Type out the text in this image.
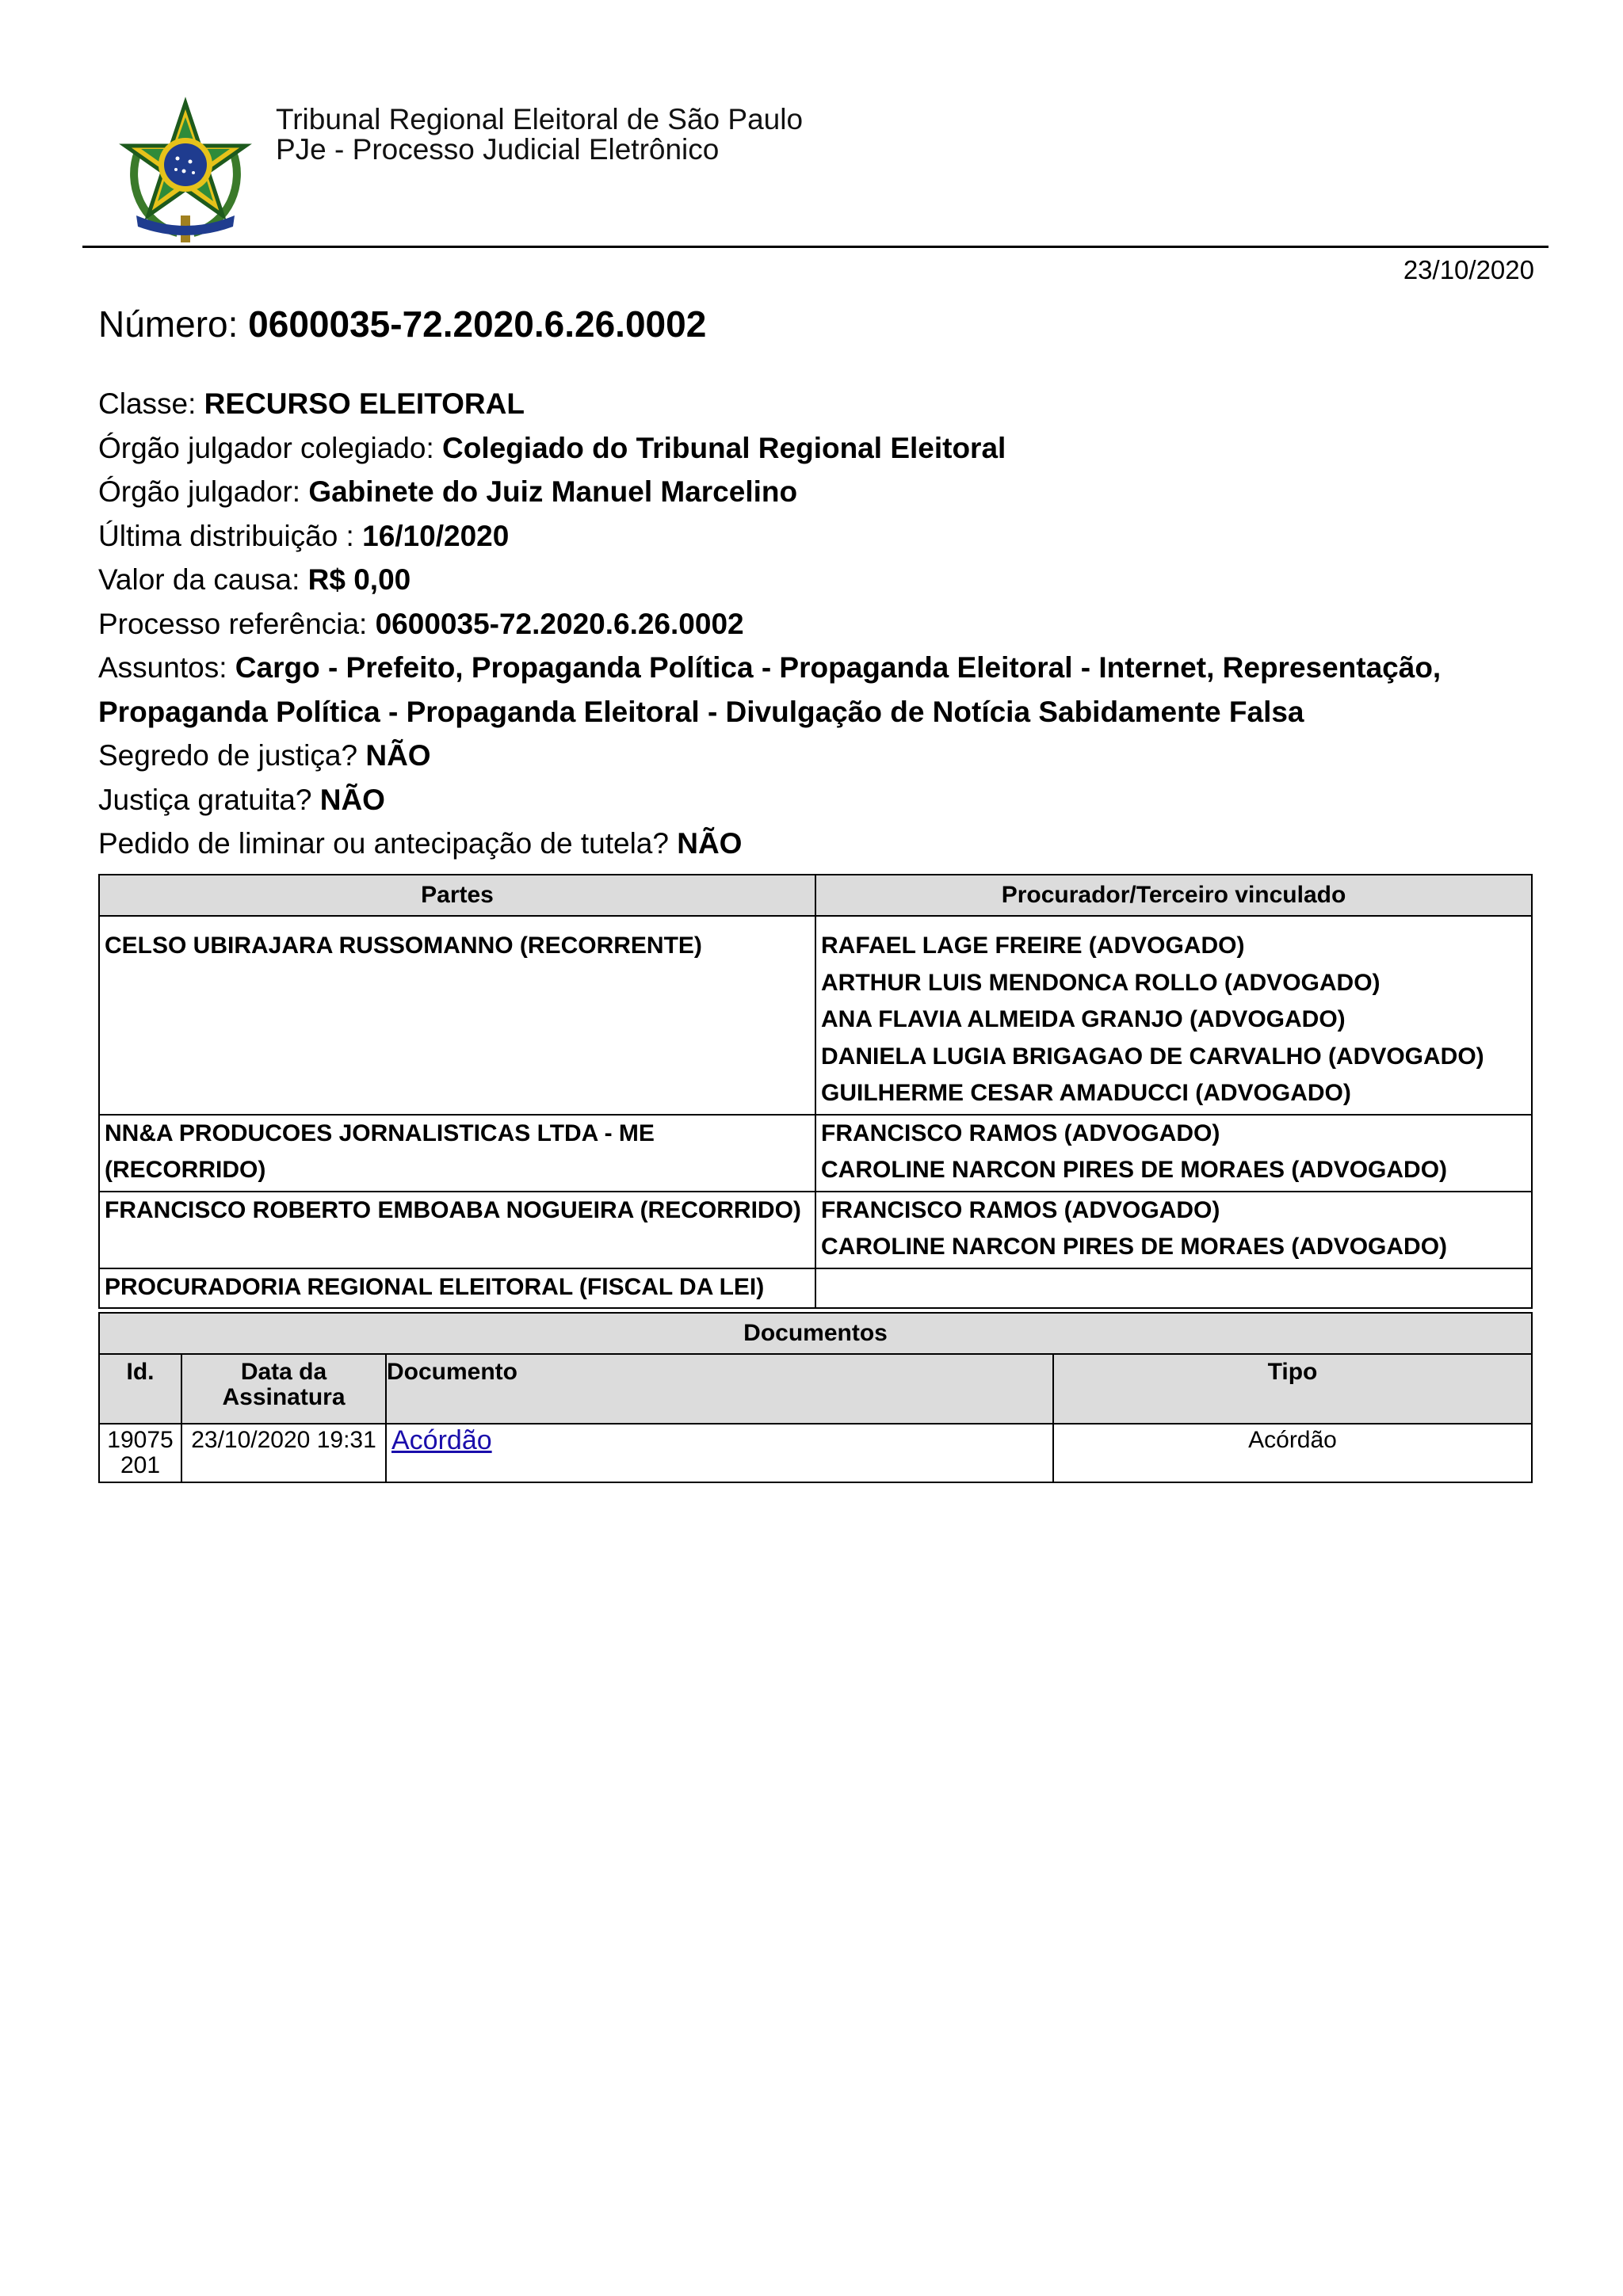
Tribunal Regional Eleitoral de São Paulo
PJe - Processo Judicial Eletrônico
23/10/2020
Número: 0600035-72.2020.6.26.0002
Classe: RECURSO ELEITORAL
Órgão julgador colegiado: Colegiado do Tribunal Regional Eleitoral
Órgão julgador: Gabinete do Juiz Manuel Marcelino
Última distribuição : 16/10/2020
Valor da causa: R$ 0,00
Processo referência: 0600035-72.2020.6.26.0002
Assuntos: Cargo - Prefeito, Propaganda Política - Propaganda Eleitoral - Internet, Representação, Propaganda Política - Propaganda Eleitoral - Divulgação de Notícia Sabidamente Falsa
Segredo de justiça? NÃO
Justiça gratuita? NÃO
Pedido de liminar ou antecipação de tutela? NÃO
Partes	Procurador/Terceiro vinculado
CELSO UBIRAJARA RUSSOMANNO (RECORRENTE)	RAFAEL LAGE FREIRE (ADVOGADO)
ARTHUR LUIS MENDONCA ROLLO (ADVOGADO)
ANA FLAVIA ALMEIDA GRANJO (ADVOGADO)
DANIELA LUGIA BRIGAGAO DE CARVALHO (ADVOGADO)
GUILHERME CESAR AMADUCCI (ADVOGADO)

NN&A PRODUCOES JORNALISTICAS LTDA - ME (RECORRIDO)	FRANCISCO RAMOS (ADVOGADO)
CAROLINE NARCON PIRES DE MORAES (ADVOGADO)

FRANCISCO ROBERTO EMBOABA NOGUEIRA (RECORRIDO)	FRANCISCO RAMOS (ADVOGADO)
CAROLINE NARCON PIRES DE MORAES (ADVOGADO)

PROCURADORIA REGIONAL ELEITORAL (FISCAL DA LEI)	
Documentos			
Id.	Data da Assinatura	Documento	Tipo

19075
201	23/10/2020 19:31	Acórdão	Acórdão
